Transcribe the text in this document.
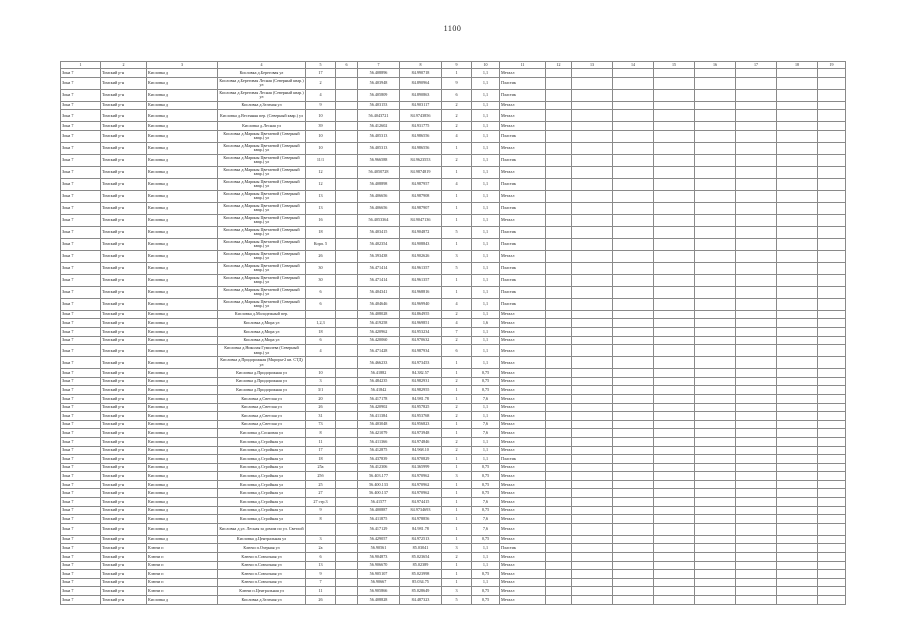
1100
1	2	3	4	5	6	7	8	9	10	11	12	13	14	15	16	17	18	19
Зона 7	Томский р-н	Кисловка д	Кисловка д.Береговая ул	17		56.408896	84.990718	1	1,1	Металл								
Зона 7	Томский р-н	Кисловка д	Кисловка д.Береговая Лесная (Северный квар.) ул	2		56.403948	84.890964	9	1,1	Пластик								
Зона 7	Томский р-н	Кисловка д	Кисловка д.Береговая Лесная (Северный квар.) ул	4		56.405809	84.890863	6	1,1	Пластик								
Зона 7	Томский р-н	Кисловка д	Кисловка д.Зеленая ул	9		56.403153	84.903117	2	1,1	Металл								
Зона 7	Томский р-н	Кисловка д	Кисловка д.Весенняя пер. (Северный квар.) ул	10		56.4043721	84.9743856	2	1,1	Металл								
Зона 7	Томский р-н	Кисловка д	Кисловка д.Лесная ул	39		56.412602	84.931775	2	1,1	Металл								
Зона 7	Томский р-н	Кисловка д	Кисловка д.Марины Цветаевой (Северный квар.) ул	10		56.405313	84.986556	4	1,1	Пластик								
Зона 7	Томский р-н	Кисловка д	Кисловка д.Марины Цветаевой (Северный квар.) ул	10		56.405313	84.986556	1	1,1	Металл								
Зона 7	Томский р-н	Кисловка д	Кисловка д.Марины Цветаевой (Северный квар.) ул	11/1		56.966588	84.9623553	2	1,1	Пластик								
Зона 7	Томский р-н	Кисловка д	Кисловка д.Марины Цветаевой (Северный квар.) ул	12		56.4050728	84.9874819	1	1,1	Металл								
Зона 7	Томский р-н	Кисловка д	Кисловка д.Марины Цветаевой (Северный квар.) ул	12		56.408898	84.987957	4	1,1	Пластик								
Зона 7	Томский р-н	Кисловка д	Кисловка д.Марины Цветаевой (Северный квар.) ул	13		56.406656	84.987908	1	1,1	Металл								
Зона 7	Томский р-н	Кисловка д	Кисловка д.Марины Цветаевой (Северный квар.) ул	13		56.406656	84.987907	1	1,1	Пластик								
Зона 7	Томский р-н	Кисловка д	Кисловка д.Марины Цветаевой (Северный квар.) ул	16		56.4053364	84.9047136	1	1,1	Металл								
Зона 7	Томский р-н	Кисловка д	Кисловка д.Марины Цветаевой (Северный квар.) ул	18		56.403415	84.904872	5	1,1	Пластик								
Зона 7	Томский р-н	Кисловка д	Кисловка д.Марины Цветаевой (Северный квар.) ул	Корп. 5		56.402354	84.908843	1	1,1	Пластик								
Зона 7	Томский р-н	Кисловка д	Кисловка д.Марины Цветаевой (Северный квар.) ул	26		56.393438	84.902626	3	1,1	Металл								
Зона 7	Томский р-н	Кисловка д	Кисловка д.Марины Цветаевой (Северный квар.) ул	30		56.471414	84.961357	5	1,1	Пластик								
Зона 7	Томский р-н	Кисловка д	Кисловка д.Марины Цветаевой (Северный квар.) ул	30		56.471414	84.961357	1	1,1	Пластик								
Зона 7	Томский р-н	Кисловка д	Кисловка д.Марины Цветаевой (Северный квар.) ул	6		56.404341	84.968816	1	1,1	Пластик								
Зона 7	Томский р-н	Кисловка д	Кисловка д.Марины Цветаевой (Северный квар.) ул	6		56.404646	84.969940	4	1,1	Пластик								
Зона 7	Томский р-н	Кисловка д	Кисловка д.Молодежный пер.			56.408028	84.864955	2	1,1	Металл								
Зона 7	Томский р-н	Кисловка д	Кисловка д.Мира ул	1,2,3		56.419258	84.969851	4	1,6	Металл								
Зона 7	Томский р-н	Кисловка д	Кисловка д.Мира ул	18		56.420962	84.953234	7	1,1	Металл								
Зона 7	Томский р-н	Кисловка д	Кисловка д.Мира ул	6		56.420060	84.970632	2	1,1	Металл								
Зона 7	Томский р-н	Кисловка д	Кисловка д.Николая Гумилева (Северный квар.) ул	4		56.471428	84.987934	6	1,1	Металл								
Зона 7	Томский р-н	Кисловка д	Кисловка д.Придорожная (Мкрорн-2 кв. СТД) ул			56.466233	84.973453	1	1,1	Металл								
Зона 7	Томский р-н	Кисловка д	Кисловка д.Придорожная ул	10		56.41882	84.382.57	1	0,75	Металл								
Зона 7	Томский р-н	Кисловка д	Кисловка д.Придорожная ул	3		56.484235	84.982931	2	0,75	Металл								
Зона 7	Томский р-н	Кисловка д	Кисловка д.Придорожная ул	3/1		56.41842	84.982955	1	0,75	Металл								
Зона 7	Томский р-н	Кисловка д	Кисловка д.Светлая ул	20		56.417178	84.981.78	1	7,6	Металл								
Зона 7	Томский р-н	Кисловка д	Кисловка д.Светлая ул	26		56.420902	84.957825	2	1,1	Металл								
Зона 7	Томский р-н	Кисловка д	Кисловка д.Светлая ул	31		56.411384	84.953768	2	1,1	Металл								
Зона 7	Томский р-н	Кисловка д	Кисловка д.Светлая ул	73		56.403048	84.956823	1	7,6	Металл								
Зона 7	Томский р-н	Кисловка д	Кисловка д.Сосновая ул	8		56.421079	84.973948	1	7,6	Металл								
Зона 7	Томский р-н	Кисловка д	Кисловка д.Стройная ул	11		56.411366	84.974846	2	1,1	Металл								
Зона 7	Томский р-н	Кисловка д	Кисловка д.Стройная ул	17		56.412875	84.968.10	2	1,1	Металл								
Зона 7	Томский р-н	Кисловка д	Кисловка д.Стройная ул	18		56.437839	84.970829	1	1,1	Пластик								
Зона 7	Томский р-н	Кисловка д	Кисловка д.Стройная ул	25а		56.412306	84.365999	1	0,75	Металл								
Зона 7	Томский р-н	Кисловка д	Кисловка д.Стройная ул	25б		56.403.177	84.970962	3	0,75	Металл								
Зона 7	Томский р-н	Кисловка д	Кисловка д.Стройная ул	25		56.400.133	84.970962	1	0,75	Металл								
Зона 7	Томский р-н	Кисловка д	Кисловка д.Стройная ул	27		56.400.137	84.970962	1	0,75	Металл								
Зона 7	Томский р-н	Кисловка д	Кисловка д.Стройная ул	27 стр.3		56.41577	84.974415	1	7,6	Металл								
Зона 7	Томский р-н	Кисловка д	Кисловка д.Стройная ул	9		56.400887	84.9734693	1	0,75	Металл								
Зона 7	Томский р-н	Кисловка д	Кисловка д.Стройная ул	8		56.411875	84.978856	1	7,6	Металл								
Зона 7	Томский р-н	Кисловка д	Кисловка д.ул. Лесная за домом по ул. Светлой			56.417129	84.981.78	1	7,6	Металл								
Зона 7	Томский р-н	Кисловка д	Кисловка д.Центральная ул	3		56.429057	84.972513	1	0,75	Металл								
Зона 7	Томский р-н	Ключи п	Ключи п.Озерная ул	2а		56.90561	85.03041	3	1,1	Пластик								
Зона 7	Томский р-н	Ключи п	Ключи п.Совхозная ул	6		56.904873	85.023654	2	1,1	Металл								
Зона 7	Томский р-н	Ключи п	Ключи п.Совхозная ул	13		56.906670	85.02389	1	1,1	Металл								
Зона 7	Томский р-н	Ключи п	Ключи п.Совхозная ул	9		56.905107	85.023998	1	0,75	Металл								
Зона 7	Томский р-н	Ключи п	Ключи п.Совхозная ул	7		56.90667	85.034.75	1	1,1	Металл								
Зона 7	Томский р-н	Ключи п	Ключи п.Центральная ул	11		56.905866	85.028649	3	0,75	Металл								
Зона 7	Томский р-н	Кисловка д	Кисловка д.Зеленая ул	26		56.408828	84.487323	5	0,75	Металл								
